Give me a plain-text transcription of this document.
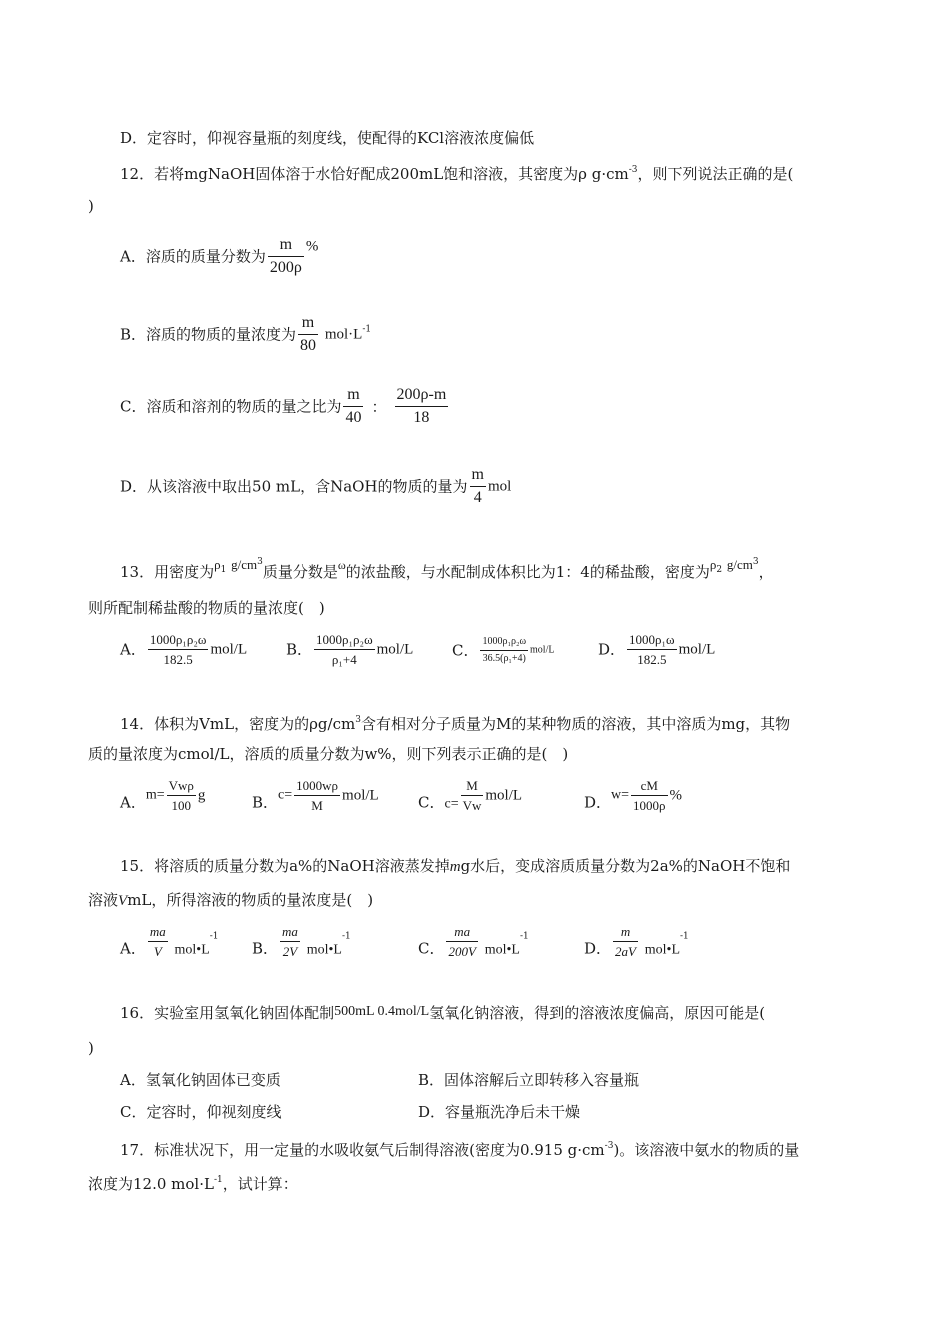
D．定容时，仰视容量瓶的刻度线，使配得的KCl溶液浓度偏低
12．若将mgNaOH固体溶于水恰好配成200mL饱和溶液，其密度为ρ $g\cdot cm^{-3}$，则下列说法正确的是(
)
A．溶质的质量分数为 $\frac{m}{200\rho}$ %
B．溶质的物质的量浓度为 $\frac{m}{80} mol\cdot L^{-1}$
C．溶质和溶剂的物质的量之比为 $\frac{m}{40}$ ： $\frac{200\rho-m}{18}$
D．从该溶液中取出50 mL，含NaOH的物质的量为 $\frac{m}{4}$ mol
13．用密度为$\rho^1$ $g/cm^3$质量分数是$^\omega$的浓盐酸，与水配制成体积比为1：4的稀盐酸，密度为$\rho^2$ $g/cm^3$，
则所配制稀盐酸的物质的量浓度(　)
A． $\frac{\text{1000ρ₁ρ₂ω}}{182.5} mol/L$	B． $\frac{\text{1000ρ₁ρ₂ω}}{\text{ρ₁+4}} mol/L$	C． $\frac{\text{1000ρ₁ρ₂ω}}{\text{36.5(ρ₁+4)}} mol/L$	D． $\frac{\text{1000ρ₁ω}}{182.5} mol/L$
14．体积为VmL，密度为的$\rho g/cm^3$含有相对分子质量为M的某种物质的溶液，其中溶质为mg，其物
质的量浓度为cmol/L，溶质的质量分数为w%，则下列表示正确的是(　)
A．$m= \frac{\text{Vwρ}}{100}$ g	B．$c= \frac{1000w\rho}{M} mol/L$	C．$c= \frac{M}{Vw} mol/L$	D．$w= \frac{cM}{1000\rho}$ %
15．将溶质的质量分数为a%的NaOH溶液蒸发掉mg水后，变成溶质质量分数为2a%的NaOH不饱和
溶液VmL，所得溶液的物质的量浓度是(　)
A． $\frac{ma}{V}$ $mol•L^{-1}$
B． $\frac{ma}{2V}$ $mol•L^{-1}$
C． $\frac{ma}{200V}$ $mol•L^{-1}$
D． $\frac{m}{2aV}$ $mol•L^{-1}$
16．实验室用氢氧化钠固体配制500mL 0.4mol/L氢氧化钠溶液，得到的溶液浓度偏高，原因可能是(
)
A．氢氧化钠固体已变质	B．固体溶解后立即转移入容量瓶
C．定容时，仰视刻度线	D．容量瓶洗净后未干燥
17．标准状况下，用一定量的水吸收氨气后制得溶液(密度为0.915 $g\cdot cm^{-3}$)。该溶液中氨水的物质的量
浓度为12.0 $mol\cdot L^{-1}$，试计算：
